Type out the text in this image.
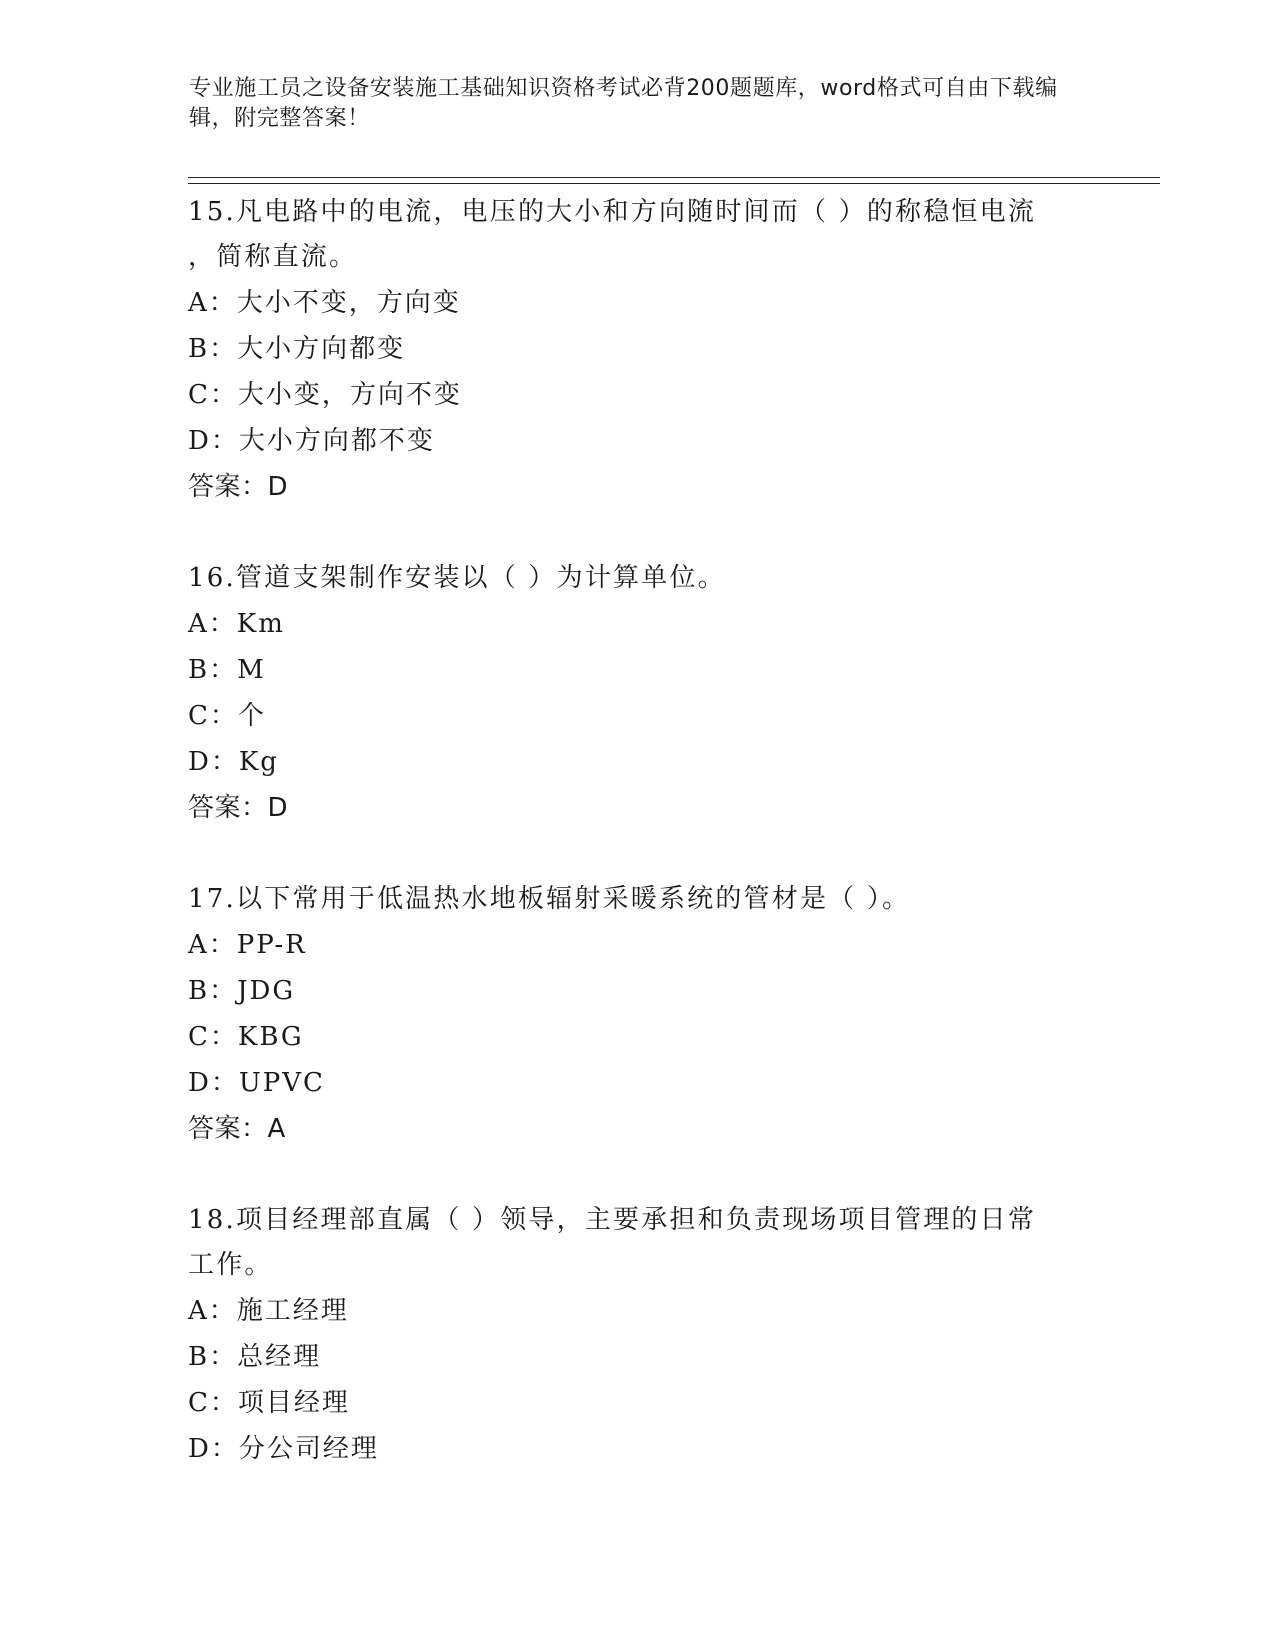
专业施工员之设备安装施工基础知识资格考试必背200题题库，word格式可自由下载编辑，附完整答案！

15.凡电路中的电流，电压的大小和方向随时间而（ ）的称稳恒电流

，简称直流。

A：大小不变，方向变

B：大小方向都变

C：大小变，方向不变

D：大小方向都不变

答案：D

16.管道支架制作安装以（ ）为计算单位。

A：Km

B：M

C：个

D：Kg

答案：D

17.以下常用于低温热水地板辐射采暖系统的管材是（ ）。

A：PP-R

B：JDG

C：KBG

D：UPVC

答案：A

18.项目经理部直属（ ）领导，主要承担和负责现场项目管理的日常

工作。

A：施工经理

B：总经理

C：项目经理

D：分公司经理
